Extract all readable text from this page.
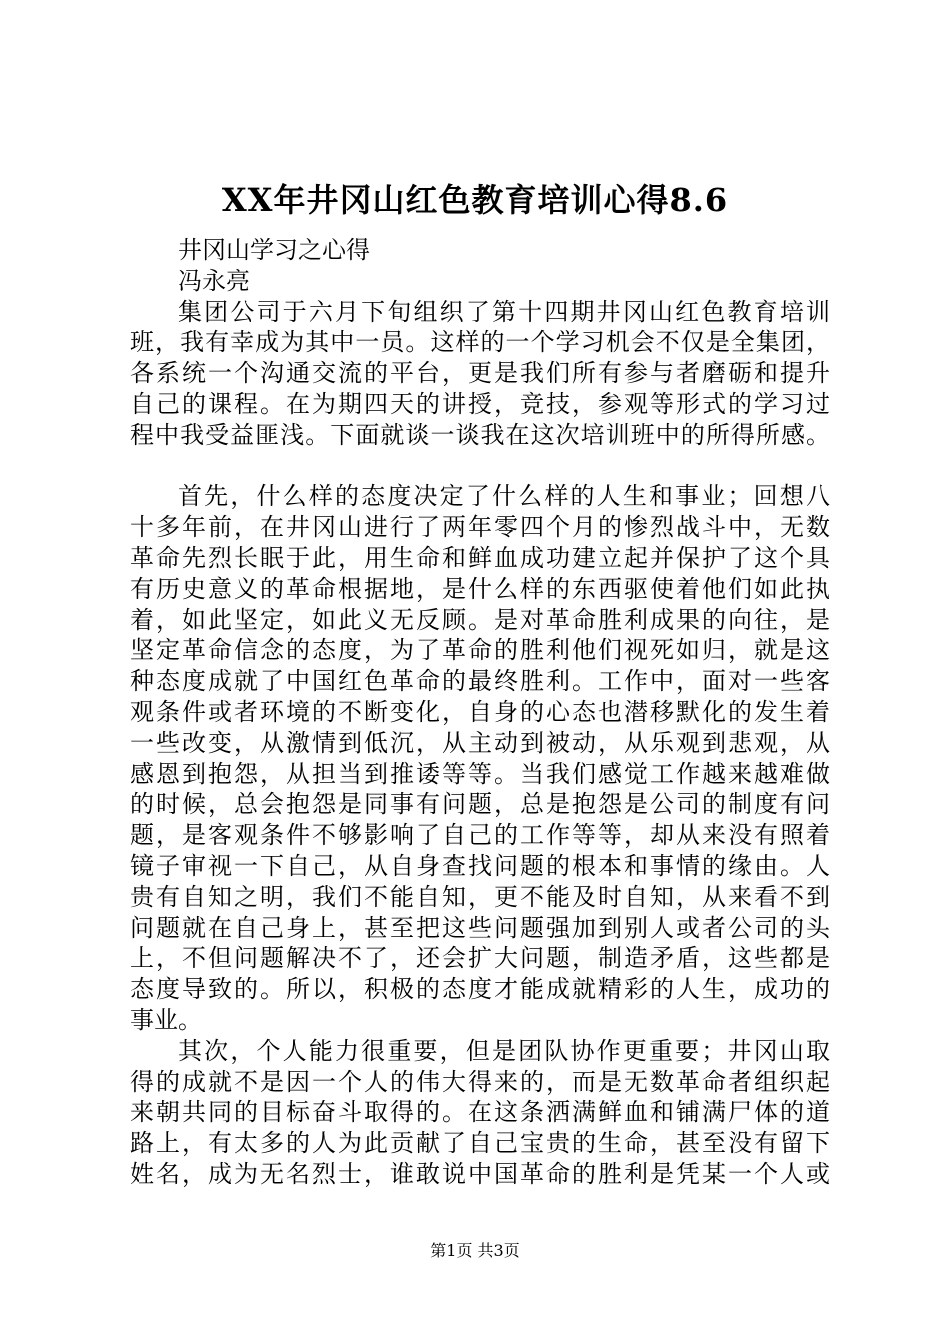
XX年井冈山红色教育培训心得8.6
井冈山学习之心得
冯永亮
集团公司于六月下旬组织了第十四期井冈山红色教育培训
班，我有幸成为其中一员。这样的一个学习机会不仅是全集团，
各系统一个沟通交流的平台，更是我们所有参与者磨砺和提升
自己的课程。在为期四天的讲授，竞技，参观等形式的学习过
程中我受益匪浅。下面就谈一谈我在这次培训班中的所得所感。
首先，什么样的态度决定了什么样的人生和事业；回想八
十多年前，在井冈山进行了两年零四个月的惨烈战斗中，无数
革命先烈长眠于此，用生命和鲜血成功建立起并保护了这个具
有历史意义的革命根据地，是什么样的东西驱使着他们如此执
着，如此坚定，如此义无反顾。是对革命胜利成果的向往，是
坚定革命信念的态度，为了革命的胜利他们视死如归，就是这
种态度成就了中国红色革命的最终胜利。工作中，面对一些客
观条件或者环境的不断变化，自身的心态也潜移默化的发生着
一些改变，从激情到低沉，从主动到被动，从乐观到悲观，从
感恩到抱怨，从担当到推诿等等。当我们感觉工作越来越难做
的时候，总会抱怨是同事有问题，总是抱怨是公司的制度有问
题，是客观条件不够影响了自己的工作等等，却从来没有照着
镜子审视一下自己，从自身查找问题的根本和事情的缘由。人
贵有自知之明，我们不能自知，更不能及时自知，从来看不到
问题就在自己身上，甚至把这些问题强加到别人或者公司的头
上，不但问题解决不了，还会扩大问题，制造矛盾，这些都是
态度导致的。所以，积极的态度才能成就精彩的人生，成功的
事业。
其次，个人能力很重要，但是团队协作更重要；井冈山取
得的成就不是因一个人的伟大得来的，而是无数革命者组织起
来朝共同的目标奋斗取得的。在这条洒满鲜血和铺满尸体的道
路上，有太多的人为此贡献了自己宝贵的生命，甚至没有留下
姓名，成为无名烈士，谁敢说中国革命的胜利是凭某一个人或
第1页 共3页
